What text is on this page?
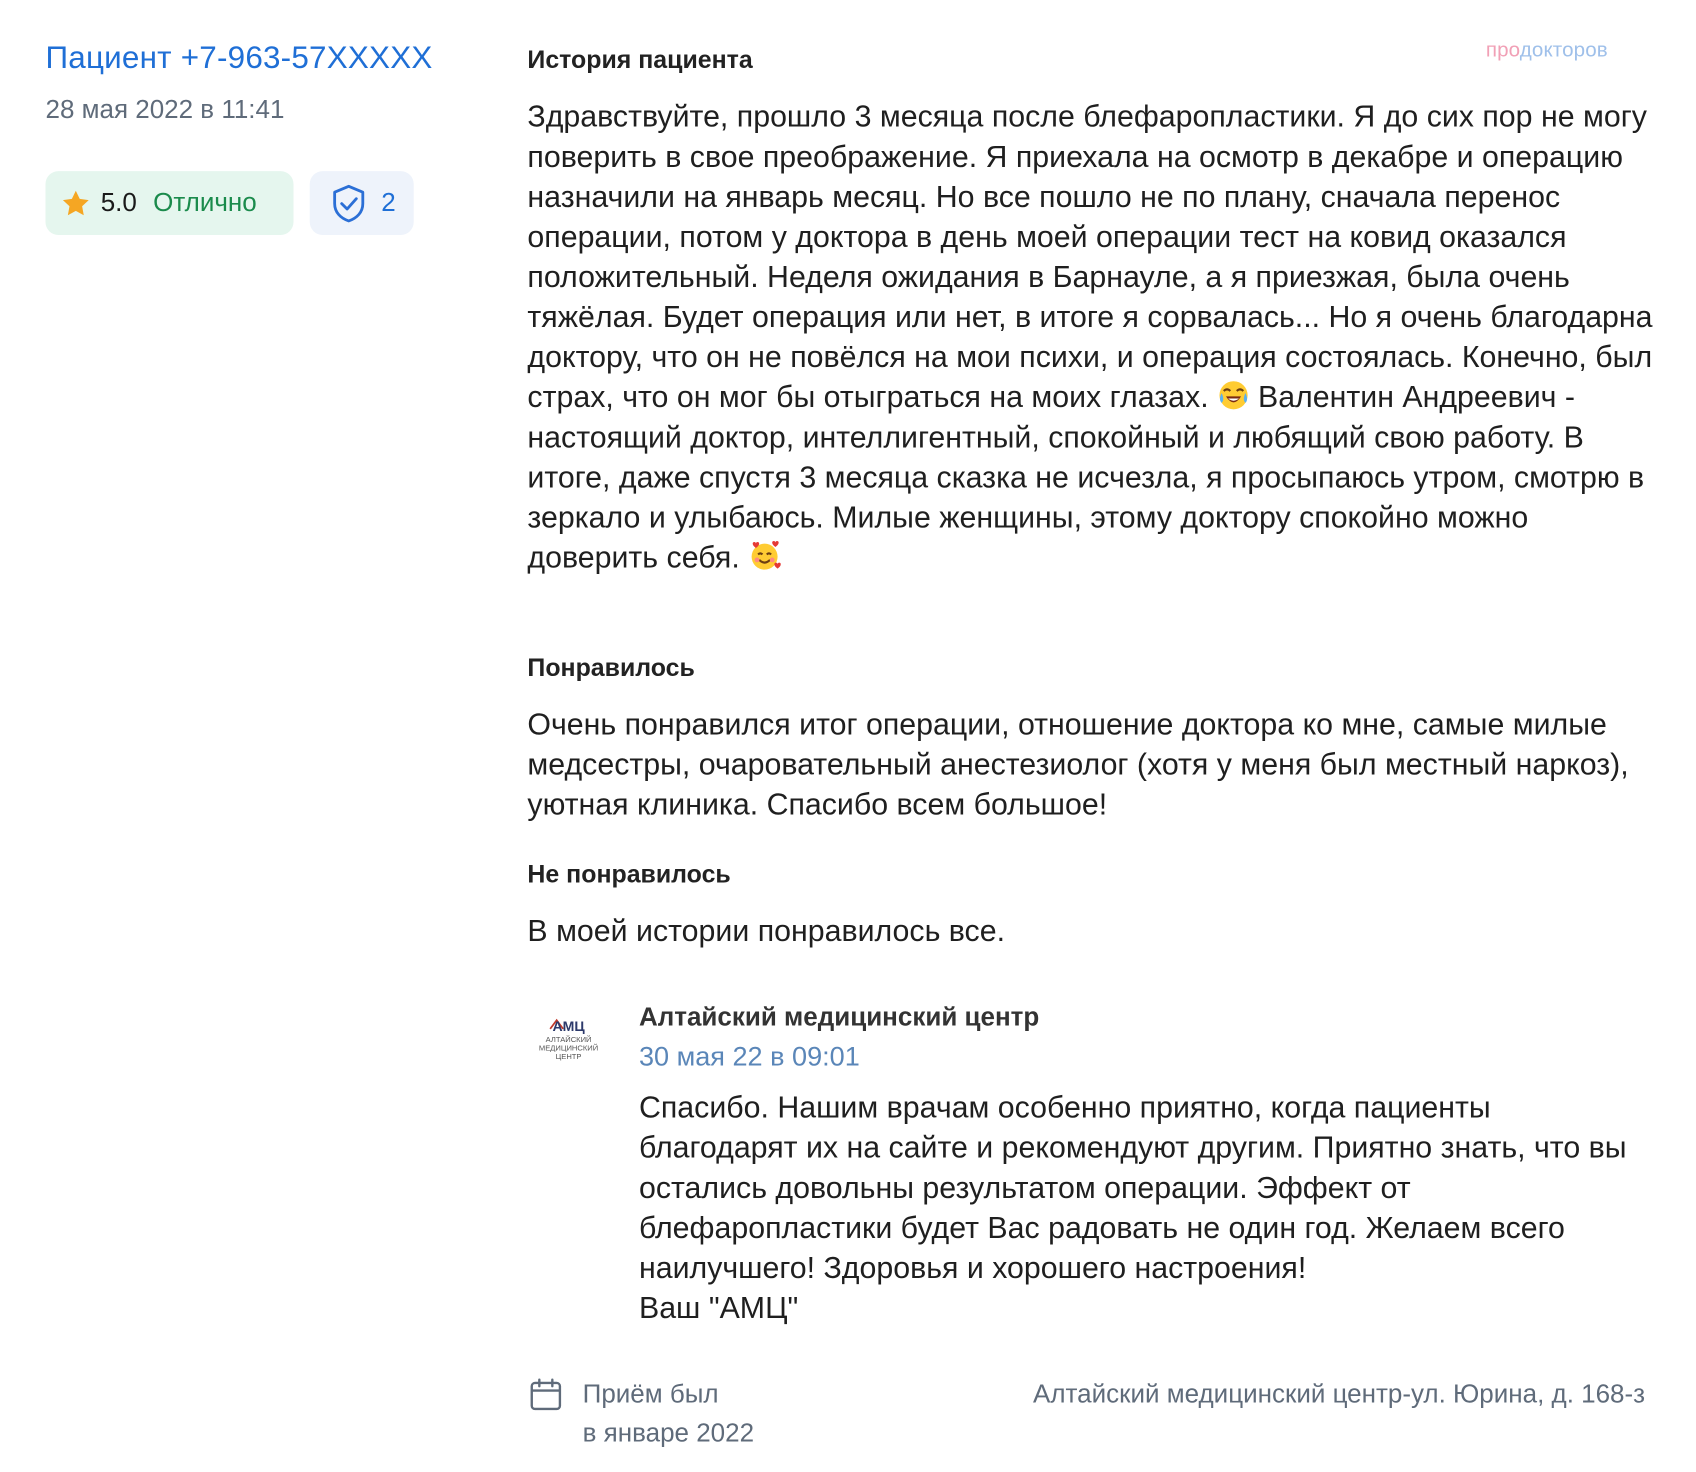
Пациент +7-963-57XXXXX
28 мая 2022 в 11:41
5.0 Отлично	2
продокторов
История пациента

Здравствуйте, прошло 3 месяца после блефаропластики. Я до сих пор не могу поверить в свое преображение. Я приехала на осмотр в декабре и операцию назначили на январь месяц. Но все пошло не по плану, сначала перенос операции, потом у доктора в день моей операции тест на ковид оказался положительный. Неделя ожидания в Барнауле, а я приезжая, была очень тяжёлая. Будет операция или нет, в итоге я сорвалась... Но я очень благодарна доктору, что он не повёлся на мои психи, и операция состоялась. Конечно, был страх, что он мог бы отыграться на моих глазах.  Валентин Андреевич - настоящий доктор, интеллигентный, спокойный и любящий свою работу. В итоге, даже спустя 3 месяца сказка не исчезла, я просыпаюсь утром, смотрю в зеркало и улыбаюсь. Милые женщины, этому доктору спокойно можно доверить себя.

Понравилось

Очень понравился итог операции, отношение доктора ко мне, самые милые медсестры, очаровательный анестезиолог (хотя у меня был местный наркоз), уютная клиника. Спасибо всем большое!

Не понравилось

В моей истории понравилось все.

АМЦ
АЛТАЙСКИЙ
МЕДИЦИНСКИЙ
ЦЕНТР
Алтайский медицинский центр
30 мая 22 в 09:01
Спасибо. Нашим врачам особенно приятно, когда пациенты благодарят их на сайте и рекомендуют другим. Приятно знать, что вы остались довольны результатом операции. Эффект от блефаропластики будет Вас радовать не один год. Желаем всего наилучшего! Здоровья и хорошего настроения!
Ваш "АМЦ"
Приём был
в январе 2022
Алтайский медицинский центр-ул. Юрина, д. 168-з
